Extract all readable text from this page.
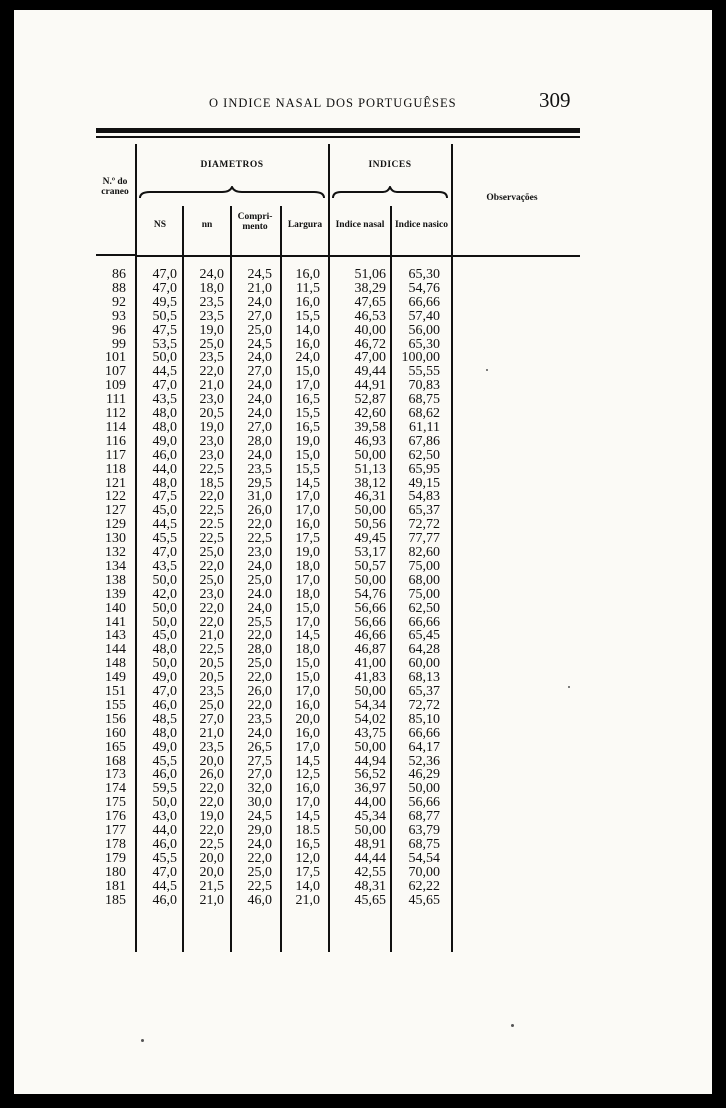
O INDICE NASAL DOS PORTUGUÊSES	309
DIAMETROS	INDICES
N.º do craneo
NS	nn
Compri-mento	Largura	Indice nasal	Indice nasico
Observações
86 47,0 24,0 24,5 16,0 51,06 65,30
88 47,0 18,0 21,0 11,5 38,29 54,76
92 49,5 23,5 24,0 16,0 47,65 66,66
93 50,5 23,5 27,0 15,5 46,53 57,40
96 47,5 19,0 25,0 14,0 40,00 56,00
99 53,5 25,0 24,5 16,0 46,72 65,30
101 50,0 23,5 24,0 24,0 47,00 100,00
107 44,5 22,0 27,0 15,0 49,44 55,55
109 47,0 21,0 24,0 17,0 44,91 70,83
111 43,5 23,0 24,0 16,5 52,87 68,75
112 48,0 20,5 24,0 15,5 42,60 68,62
114 48,0 19,0 27,0 16,5 39,58 61,11
116 49,0 23,0 28,0 19,0 46,93 67,86
117 46,0 23,0 24,0 15,0 50,00 62,50
118 44,0 22,5 23,5 15,5 51,13 65,95
121 48,0 18,5 29,5 14,5 38,12 49,15
122 47,5 22,0 31,0 17,0 46,31 54,83
127 45,0 22,5 26,0 17,0 50,00 65,37
129 44,5 22.5 22,0 16,0 50,56 72,72
130 45,5 22,5 22,5 17,5 49,45 77,77
132 47,0 25,0 23,0 19,0 53,17 82,60
134 43,5 22,0 24,0 18,0 50,57 75,00
138 50,0 25,0 25,0 17,0 50,00 68,00
139 42,0 23,0 24.0 18,0 54,76 75,00
140 50,0 22,0 24,0 15,0 56,66 62,50
141 50,0 22,0 25,5 17,0 56,66 66,66
143 45,0 21,0 22,0 14,5 46,66 65,45
144 48,0 22,5 28,0 18,0 46,87 64,28
148 50,0 20,5 25,0 15,0 41,00 60,00
149 49,0 20,5 22,0 15,0 41,83 68,13
151 47,0 23,5 26,0 17,0 50,00 65,37
155 46,0 25,0 22,0 16,0 54,34 72,72
156 48,5 27,0 23,5 20,0 54,02 85,10
160 48,0 21,0 24,0 16,0 43,75 66,66
165 49,0 23,5 26,5 17,0 50,00 64,17
168 45,5 20,0 27,5 14,5 44,94 52,36
173 46,0 26,0 27,0 12,5 56,52 46,29
174 59,5 22,0 32,0 16,0 36,97 50,00
175 50,0 22,0 30,0 17,0 44,00 56,66
176 43,0 19,0 24,5 14,5 45,34 68,77
177 44,0 22,0 29,0 18.5 50,00 63,79
178 46,0 22,5 24,0 16,5 48,91 68,75
179 45,5 20,0 22,0 12,0 44,44 54,54
180 47,0 20,0 25,0 17,5 42,55 70,00
181 44,5 21,5 22,5 14,0 48,31 62,22
185 46,0 21,0 46,0 21,0 45,65 45,65
